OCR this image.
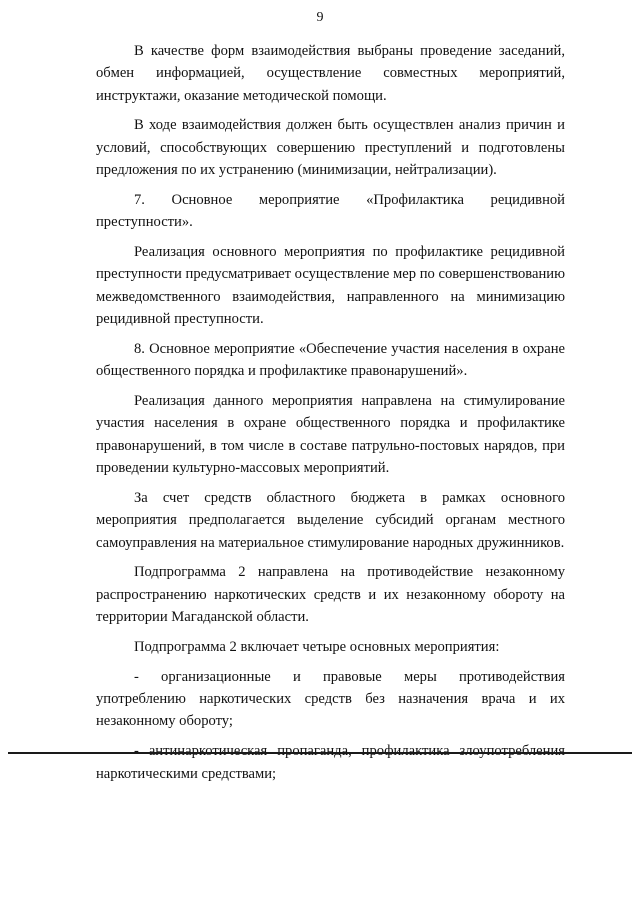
9

В качестве форм взаимодействия выбраны проведение заседаний, обмен информацией, осуществление совместных мероприятий, инструктажи, оказание методической помощи.

В ходе взаимодействия должен быть осуществлен анализ причин и условий, способствующих совершению преступлений и подготовлены предложения по их устранению (минимизации, нейтрализации).

7. Основное мероприятие «Профилактика рецидивной преступности».

Реализация основного мероприятия по профилактике рецидивной преступности предусматривает осуществление мер по совершенствованию межведомственного взаимодействия, направленного на минимизацию рецидивной преступности.

8. Основное мероприятие «Обеспечение участия населения в охране общественного порядка и профилактике правонарушений».

Реализация данного мероприятия направлена на стимулирование участия населения в охране общественного порядка и профилактике правонарушений, в том числе в составе патрульно-постовых нарядов, при проведении культурно-массовых мероприятий.

За счет средств областного бюджета в рамках основного мероприятия предполагается выделение субсидий органам местного самоуправления на материальное стимулирование народных дружинников.

Подпрограмма 2 направлена на противодействие незаконному распространению наркотических средств и их незаконному обороту на территории Магаданской области.

Подпрограмма 2 включает четыре основных мероприятия:

- организационные и правовые меры противодействия употреблению наркотических средств без назначения врача и их незаконному обороту;

- антинаркотическая пропаганда, профилактика злоупотребления наркотическими средствами;
